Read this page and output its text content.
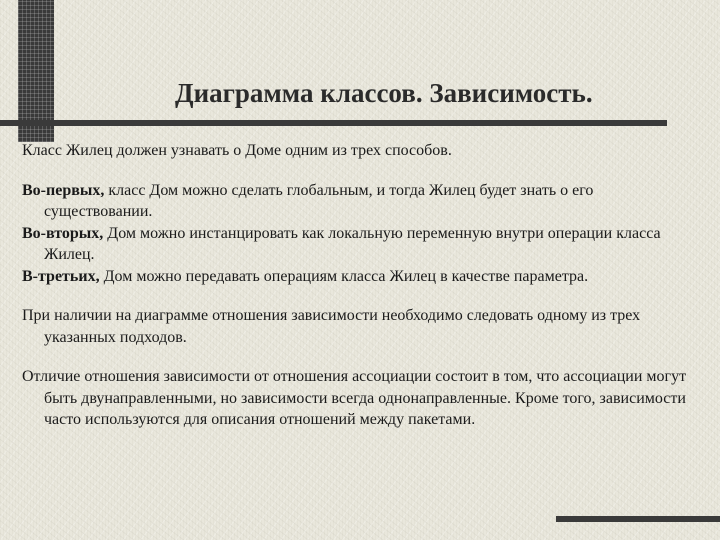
Диаграмма классов. Зависимость.

Класс Жилец должен узнавать о Доме одним из трех способов.

Во-первых, класс Дом можно сделать глобальным, и тогда Жилец будет знать о его существовании.

Во-вторых, Дом можно инстанцировать как локальную переменную внутри операции класса Жилец.

В-третьих, Дом можно передавать операциям класса Жилец в качестве параметра.

При наличии на диаграмме отношения зависимости необходимо следовать одному из трех указанных подходов.

Отличие отношения зависимости от отношения ассоциации состоит в том, что ассоциации могут быть двунаправленными, но зависимости всегда однонаправленные. Кроме того, зависимости часто используются для описания отношений между пакетами.
